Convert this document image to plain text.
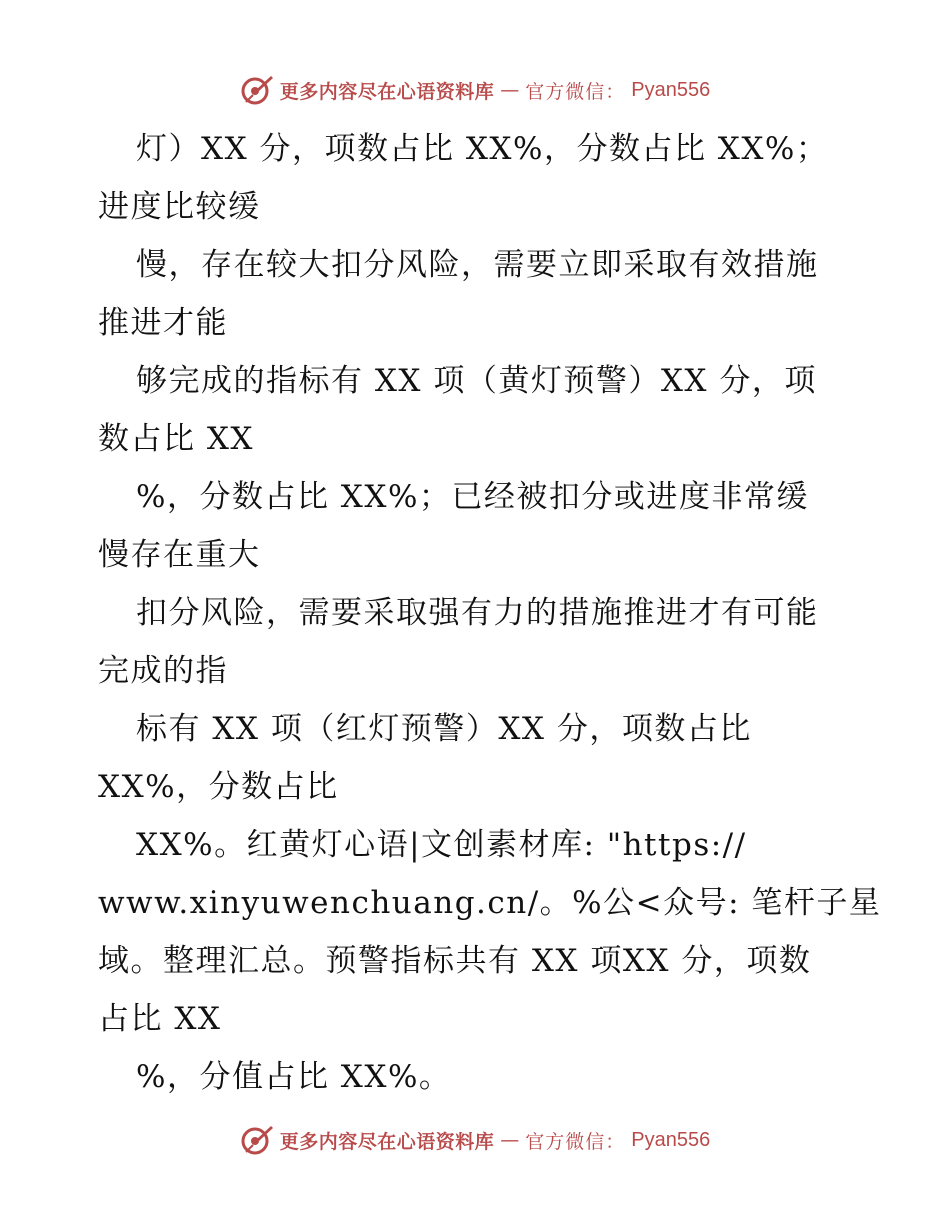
更多内容尽在心语资料库 — 官方微信： Pyan556
灯）XX 分，项数占比 XX%，分数占比 XX%；
进度比较缓
慢，存在较大扣分风险，需要立即采取有效措施
推进才能
够完成的指标有 XX 项（黄灯预警）XX 分，项
数占比 XX
%，分数占比 XX%；已经被扣分或进度非常缓
慢存在重大
扣分风险，需要采取强有力的措施推进才有可能
完成的指
标有 XX 项（红灯预警）XX 分，项数占比
XX%，分数占比
XX%。红黄灯心语|文创素材库: "https://
www.xinyuwenchuang.cn/。%公<众号: 笔杆子星
域。整理汇总。预警指标共有 XX 项XX 分，项数
占比 XX
%，分值占比 XX%。
更多内容尽在心语资料库 — 官方微信： Pyan556
